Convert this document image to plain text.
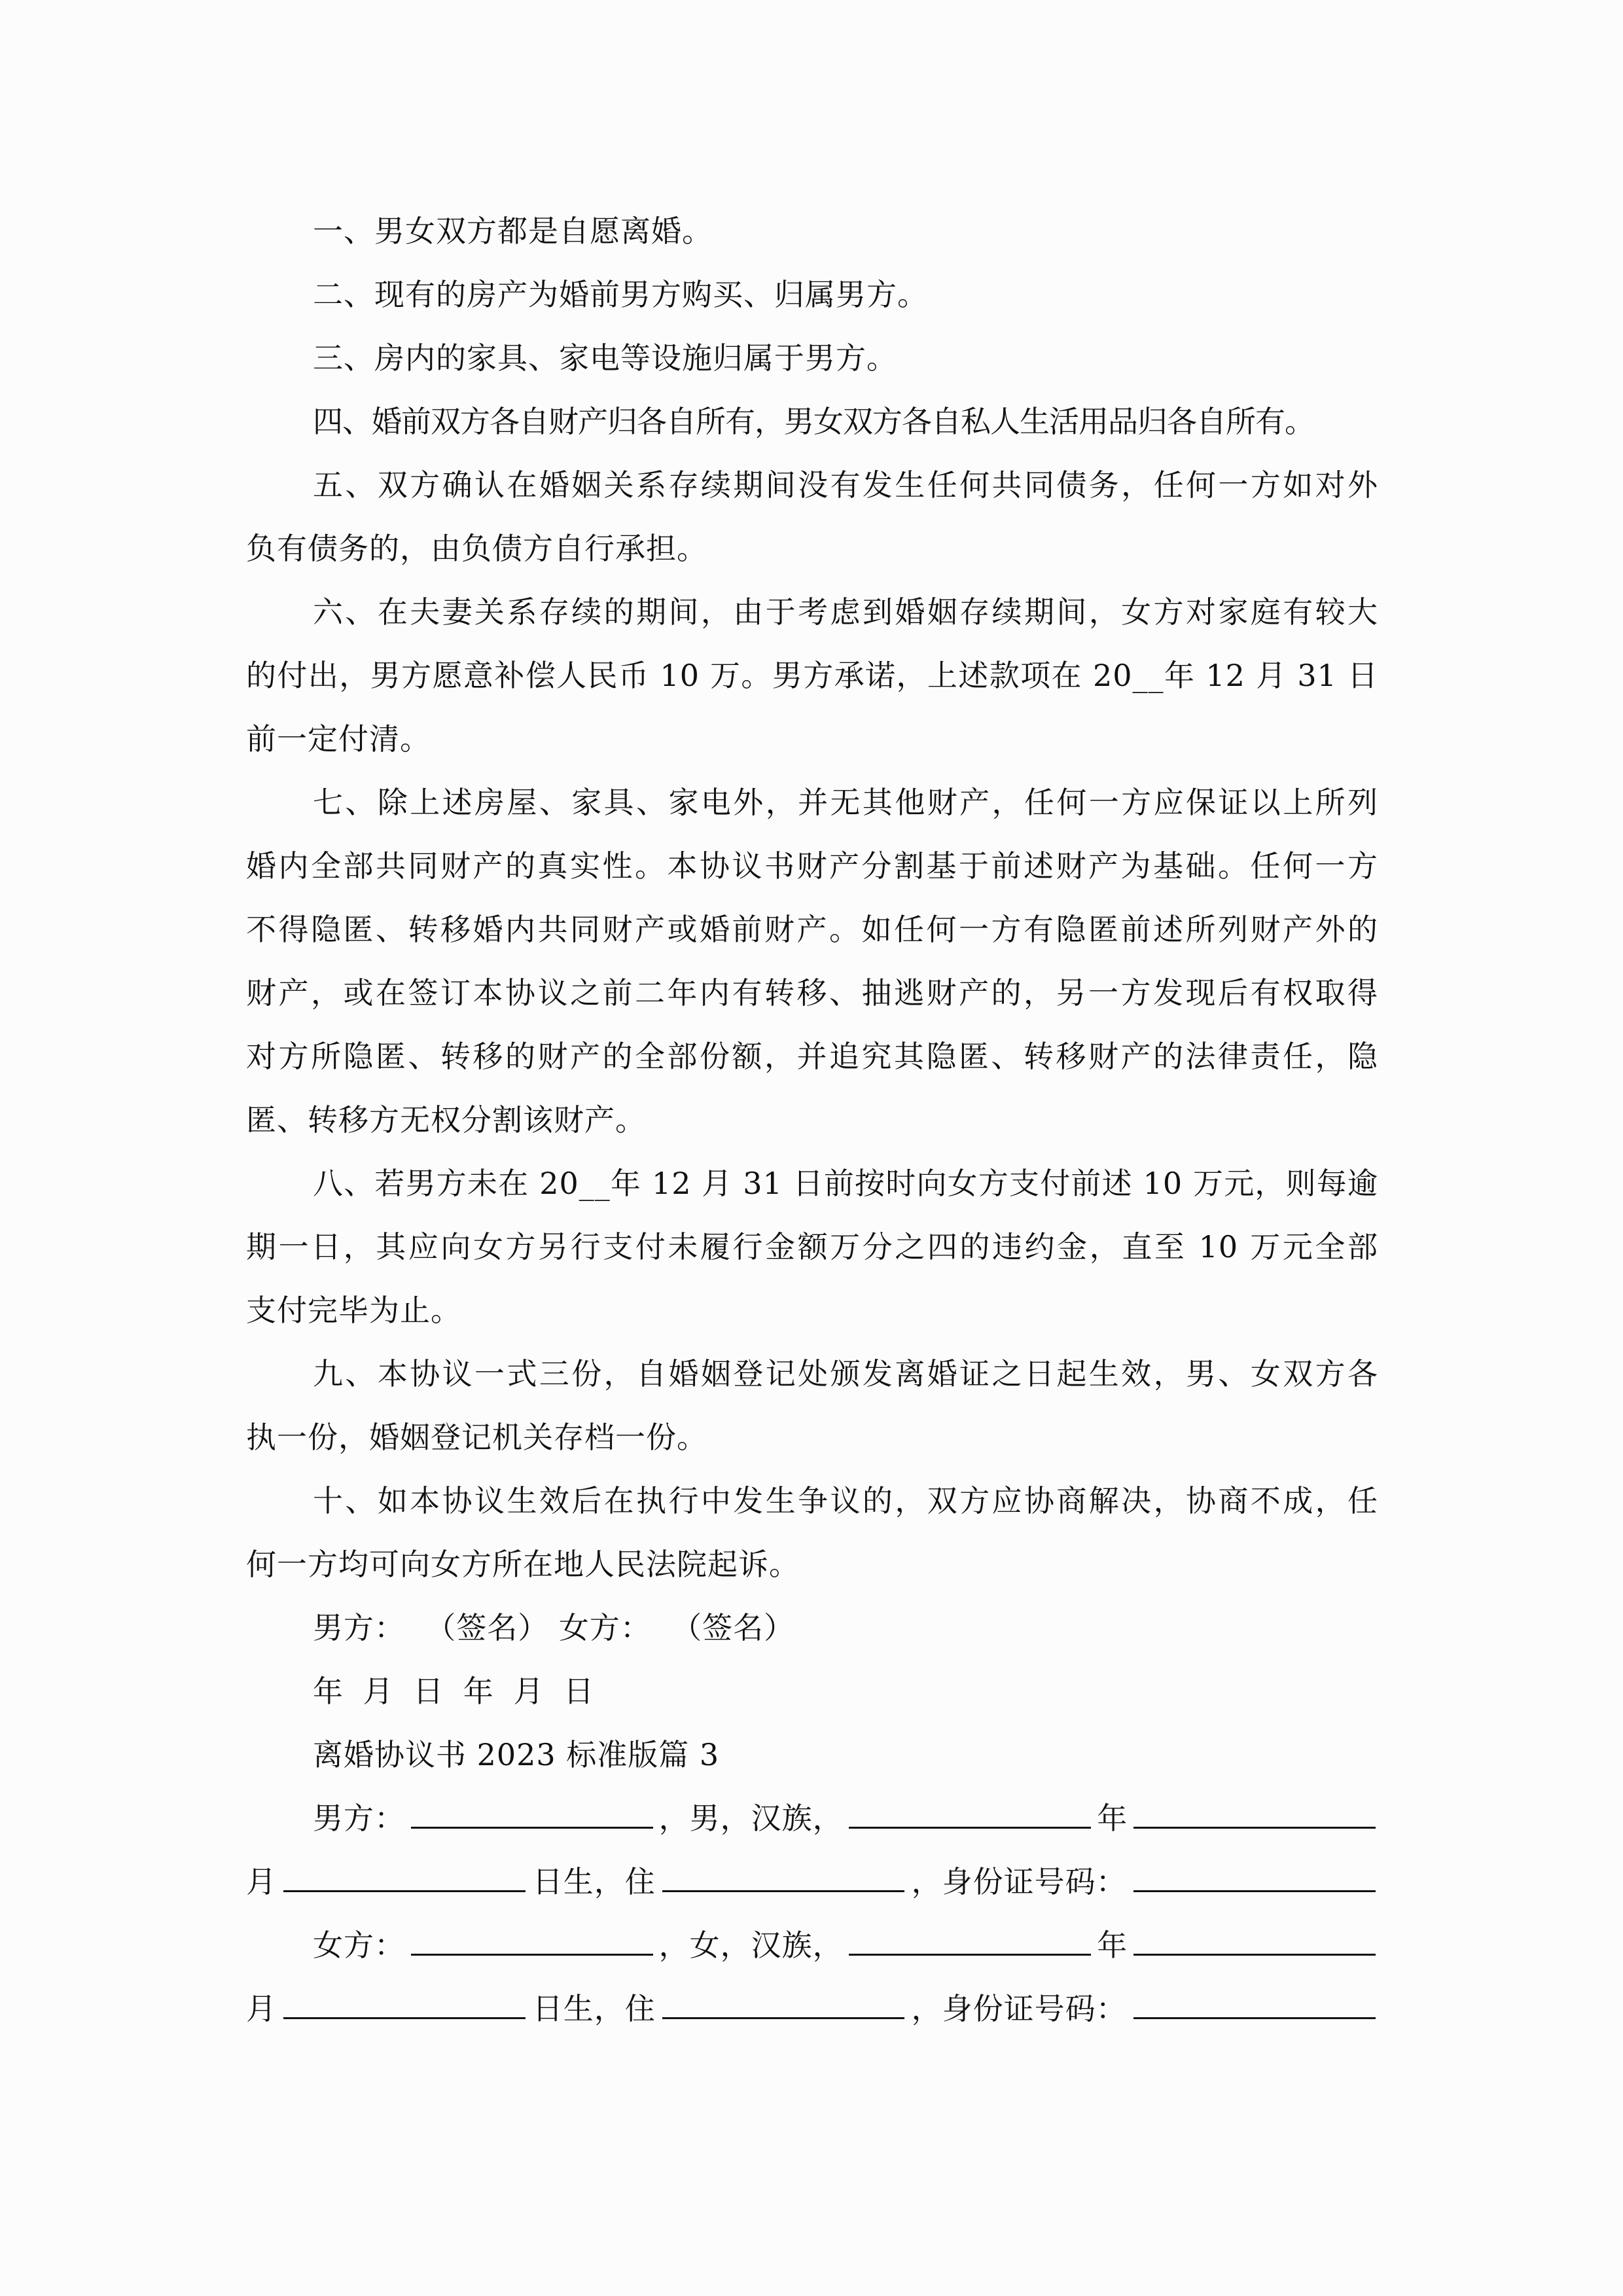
一、男女双方都是自愿离婚。
二、现有的房产为婚前男方购买、归属男方。
三、房内的家具、家电等设施归属于男方。
四、婚前双方各自财产归各自所有，男女双方各自私人生活用品归各自所有。
五、双方确认在婚姻关系存续期间没有发生任何共同债务，任何一方如对外
负有债务的，由负债方自行承担。
六、在夫妻关系存续的期间，由于考虑到婚姻存续期间，女方对家庭有较大
的付出，男方愿意补偿人民币 10 万。男方承诺，上述款项在 20__年 12 月 31 日
前一定付清。
七、除上述房屋、家具、家电外，并无其他财产，任何一方应保证以上所列
婚内全部共同财产的真实性。本协议书财产分割基于前述财产为基础。任何一方
不得隐匿、转移婚内共同财产或婚前财产。如任何一方有隐匿前述所列财产外的
财产，或在签订本协议之前二年内有转移、抽逃财产的，另一方发现后有权取得
对方所隐匿、转移的财产的全部份额，并追究其隐匿、转移财产的法律责任，隐
匿、转移方无权分割该财产。
八、若男方未在 20__年 12 月 31 日前按时向女方支付前述 10 万元，则每逾
期一日，其应向女方另行支付未履行金额万分之四的违约金，直至 10 万元全部
支付完毕为止。
九、本协议一式三份，自婚姻登记处颁发离婚证之日起生效，男、女双方各
执一份，婚姻登记机关存档一份。
十、如本协议生效后在执行中发生争议的，双方应协商解决，协商不成，任
何一方均可向女方所在地人民法院起诉。
男方：  （签名） 女方：  （签名）
年 月 日 年 月 日
离婚协议书 2023 标准版篇 3
男方：	，男，汉族，	年
月	日生，住	，身份证号码：
女方：	，女，汉族，	年
月	日生，住	，身份证号码：
